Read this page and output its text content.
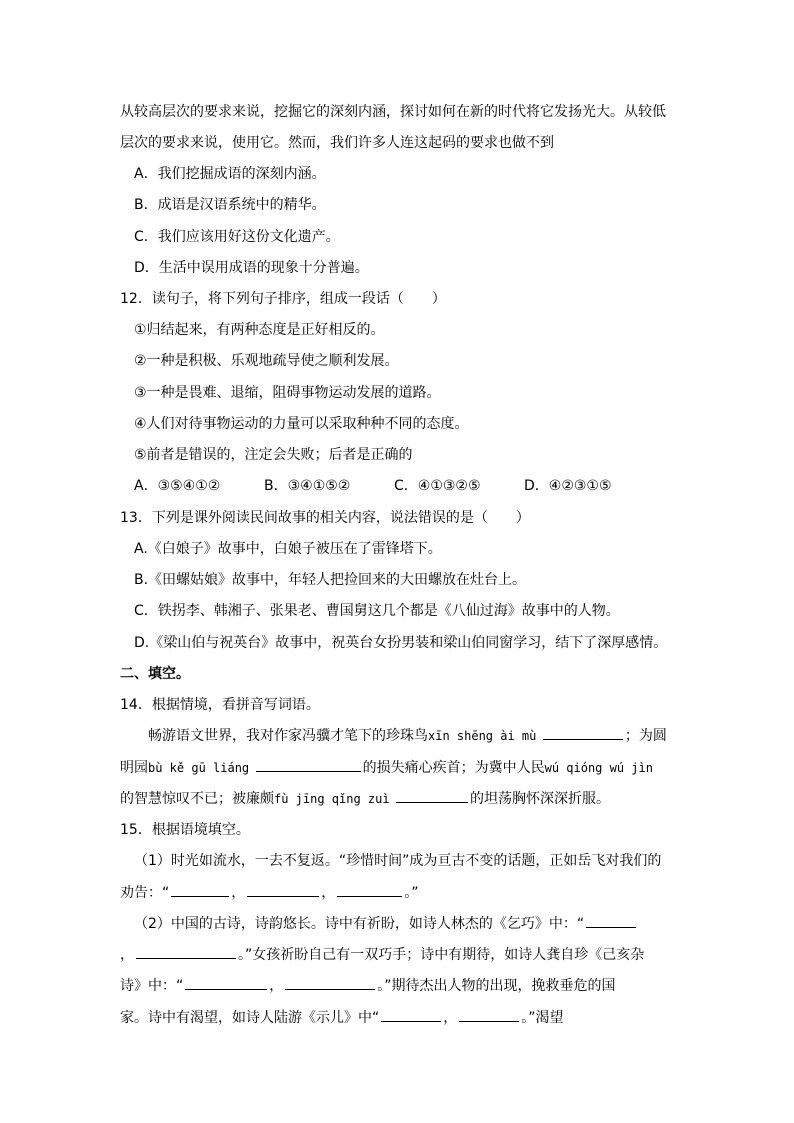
从较高层次的要求来说，挖掘它的深刻内涵，探讨如何在新的时代将它发扬光大。从较低
层次的要求来说，使用它。然而，我们许多人连这起码的要求也做不到
A．我们挖掘成语的深刻内涵。
B．成语是汉语系统中的精华。
C．我们应该用好这份文化遗产。
D．生活中误用成语的现象十分普遍。
12．读句子，将下列句子排序，组成一段话（　　）
①归结起来，有两种态度是正好相反的。
②一种是积极、乐观地疏导使之顺利发展。
③一种是畏难、退缩，阻碍事物运动发展的道路。
④人们对待事物运动的力量可以采取种种不同的态度。
⑤前者是错误的，注定会失败；后者是正确的
A．③⑤④①②	B．③④①⑤②	C．④①③②⑤	D．④②③①⑤
13．下列是课外阅读民间故事的相关内容，说法错误的是（　　）
A.《白娘子》故事中，白娘子被压在了雷锋塔下。
B.《田螺姑娘》故事中，年轻人把捡回来的大田螺放在灶台上。
C．铁拐李、韩湘子、张果老、曹国舅这几个都是《八仙过海》故事中的人物。
D.《梁山伯与祝英台》故事中，祝英台女扮男装和梁山伯同窗学习，结下了深厚感情。
二、填空。
14．根据情境，看拼音写词语。
畅游语文世界，我对作家冯骥才笔下的珍珠鸟xīn shēng ài mù	；为圆
明园bù kě gū liáng	的损失痛心疾首；为冀中人民wú qióng wú jìn
的智慧惊叹不已；被廉颇fù jīng qǐng zuì	的坦荡胸怀深深折服。
15．根据语境填空。
（1）时光如流水，一去不复返。“珍惜时间”成为亘古不变的话题，正如岳飞对我们的
劝告：“	，	，	。”
（2）中国的古诗，诗韵悠长。诗中有祈盼，如诗人林杰的《乞巧》中：“
，	。”女孩祈盼自己有一双巧手；诗中有期待，如诗人龚自珍《己亥杂
诗》中：“	，	。”期待杰出人物的出现，挽救垂危的国
家。诗中有渴望，如诗人陆游《示儿》中“	，	。”渴望
